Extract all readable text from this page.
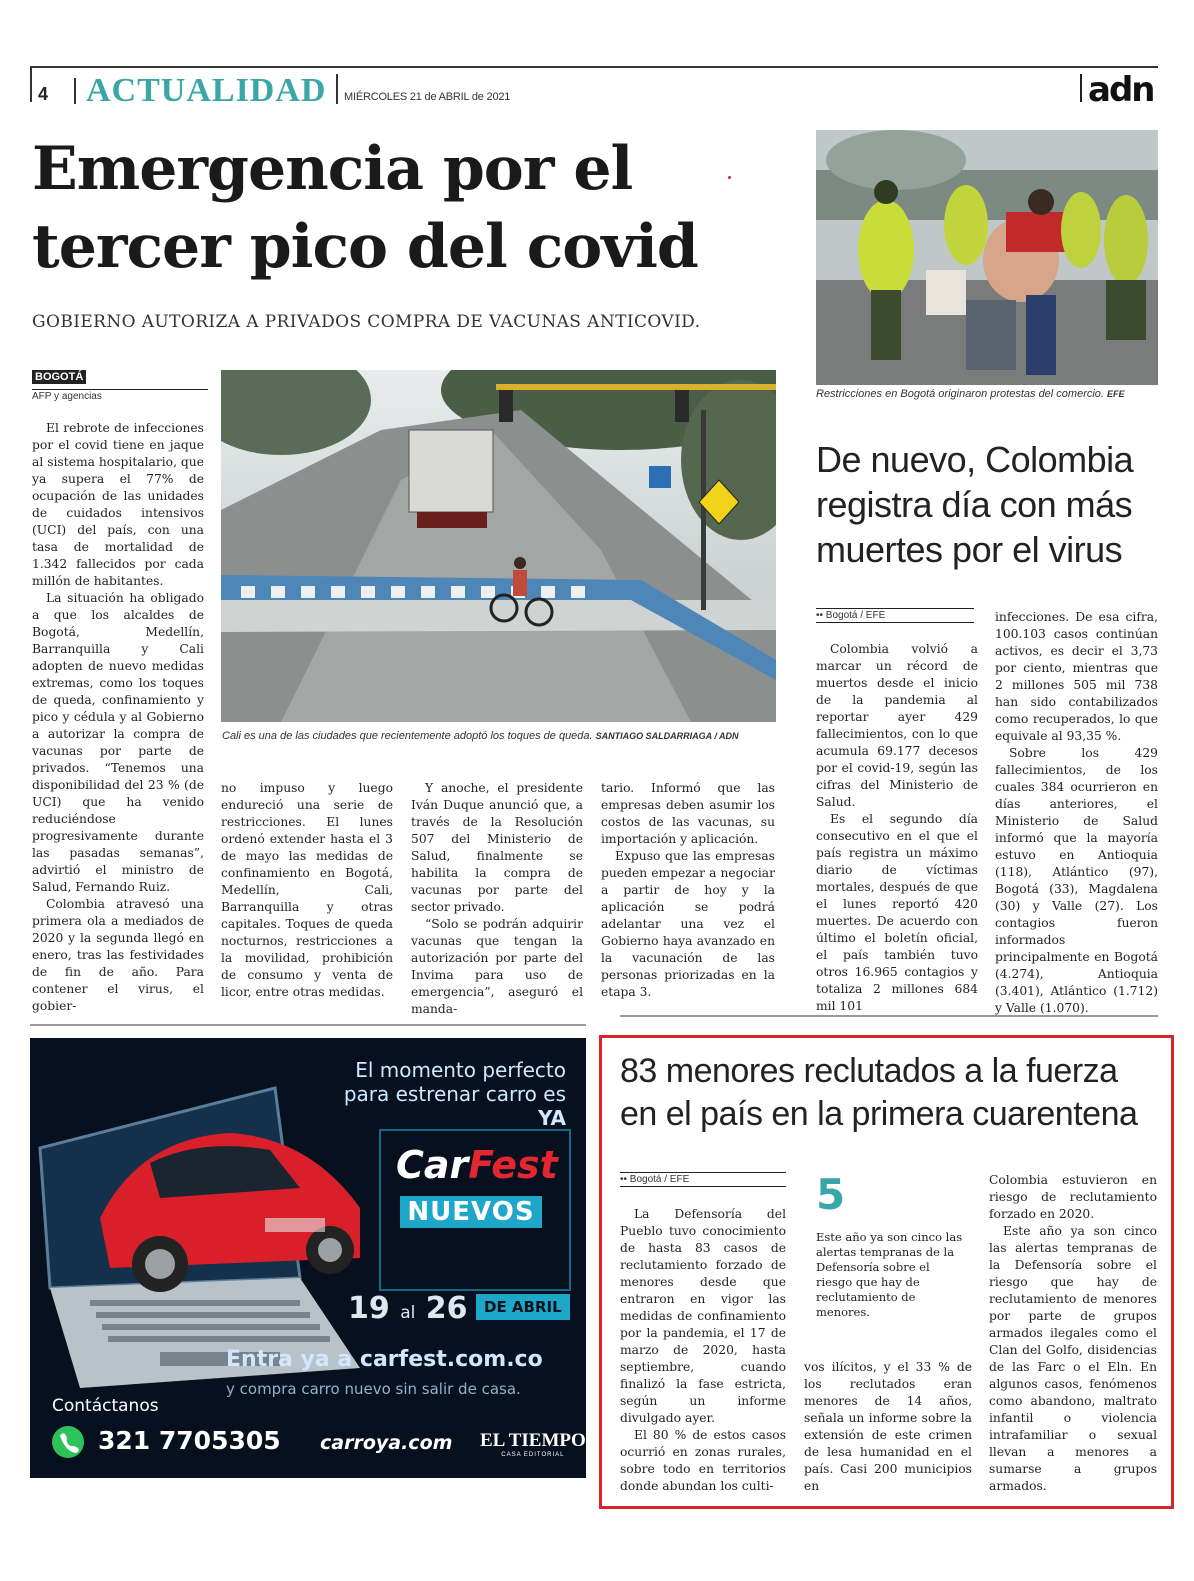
4 ACTUALIDAD MIÉRCOLES 21 de ABRIL de 2021	adn
Emergencia por el tercer pico del covid
GOBIERNO AUTORIZA A PRIVADOS COMPRA DE VACUNAS ANTICOVID.
BOGOTÁ
AFP y agencias

El rebrote de infecciones por el covid tiene en jaque al sistema hospitalario, que ya supera el 77% de ocupación de las unidades de cuidados intensivos (UCI) del país, con una tasa de mortalidad de 1.342 fallecidos por cada millón de habitantes.

La situación ha obligado a que los alcaldes de Bogotá, Medellín, Barranquilla y Cali adopten de nuevo medidas extremas, como los toques de queda, confinamiento y pico y cédula y al Gobierno a autorizar la compra de vacunas por parte de privados. “Tenemos una disponibilidad del 23 % (de UCI) que ha venido reduciéndose progresivamente durante las pasadas semanas”, advirtió el ministro de Salud, Fernando Ruiz.

Colombia atravesó una primera ola a mediados de 2020 y la segunda llegó en enero, tras las festividades de fin de año. Para contener el virus, el gobier-

Cali es una de las ciudades que recientemente adoptó los toques de queda. SANTIAGO SALDARRIAGA / ADN

no impuso y luego endureció una serie de restricciones. El lunes ordenó extender hasta el 3 de mayo las medidas de confinamiento en Bogotá, Medellín, Cali, Barranquilla y otras capitales. Toques de queda nocturnos, restricciones a la movilidad, prohibición de consumo y venta de licor, entre otras medidas.

Y anoche, el presidente Iván Duque anunció que, a través de la Resolución 507 del Ministerio de Salud, finalmente se habilita la compra de vacunas por parte del sector privado.

“Solo se podrán adquirir vacunas que tengan la autorización por parte del Invima para uso de emergencia”, aseguró el manda-

tario. Informó que las empresas deben asumir los costos de las vacunas, su importación y aplicación.

Expuso que las empresas pueden empezar a negociar a partir de hoy y la aplicación se podrá adelantar una vez el Gobierno haya avanzado en la vacunación de las personas priorizadas en la etapa 3.

Restricciones en Bogotá originaron protestas del comercio. EFE
De nuevo, Colombia registra día con más muertes por el virus
•• Bogotá / EFE

Colombia volvió a marcar un récord de muertos desde el inicio de la pandemia al reportar ayer 429 fallecimientos, con lo que acumula 69.177 decesos por el covid-19, según las cifras del Ministerio de Salud.

Es el segundo día consecutivo en el que el país registra un máximo diario de víctimas mortales, después de que el lunes reportó 420 muertes. De acuerdo con último el boletín oficial, el país también tuvo otros 16.965 contagios y totaliza 2 millones 684 mil 101

infecciones. De esa cifra, 100.103 casos continúan activos, es decir el 3,73 por ciento, mientras que 2 millones 505 mil 738 han sido contabilizados como recuperados, lo que equivale al 93,35 %.

Sobre los 429 fallecimientos, de los cuales 384 ocurrieron en días anteriores, el Ministerio de Salud informó que la mayoría estuvo en Antioquia (118), Atlántico (97), Bogotá (33), Magdalena (30) y Valle (27). Los contagios fueron informados principalmente en Bogotá (4.274), Antioquia (3.401), Atlántico (1.712) y Valle (1.070).

El momento perfecto
para estrenar carro es YA
CarFest
NUEVOS
19 al 26	DE ABRIL
Entra ya a carfest.com.co
y compra carro nuevo sin salir de casa.
Contáctanos
321 7705305 carroya.com EL TIEMPO
CASA EDITORIAL
83 menores reclutados a la fuerza en el país en la primera cuarentena
•• Bogotá / EFE

La Defensoría del Pueblo tuvo conocimiento de hasta 83 casos de reclutamiento forzado de menores desde que entraron en vigor las medidas de confinamiento por la pandemia, el 17 de marzo de 2020, hasta septiembre, cuando finalizó la fase estricta, según un informe divulgado ayer.

El 80 % de estos casos ocurrió en zonas rurales, sobre todo en territorios donde abundan los culti-

5
Este año ya son cinco las alertas tempranas de la Defensoría sobre el riesgo que hay de reclutamiento de menores.

vos ilícitos, y el 33 % de los reclutados eran menores de 14 años, señala un informe sobre la extensión de este crimen de lesa humanidad en el país. Casi 200 municipios en

Colombia estuvieron en riesgo de reclutamiento forzado en 2020.

Este año ya son cinco las alertas tempranas de la Defensoría sobre el riesgo que hay de reclutamiento de menores por parte de grupos armados ilegales como el Clan del Golfo, disidencias de las Farc o el Eln. En algunos casos, fenómenos como abandono, maltrato infantil o violencia intrafamiliar o sexual llevan a menores a sumarse a grupos armados.
